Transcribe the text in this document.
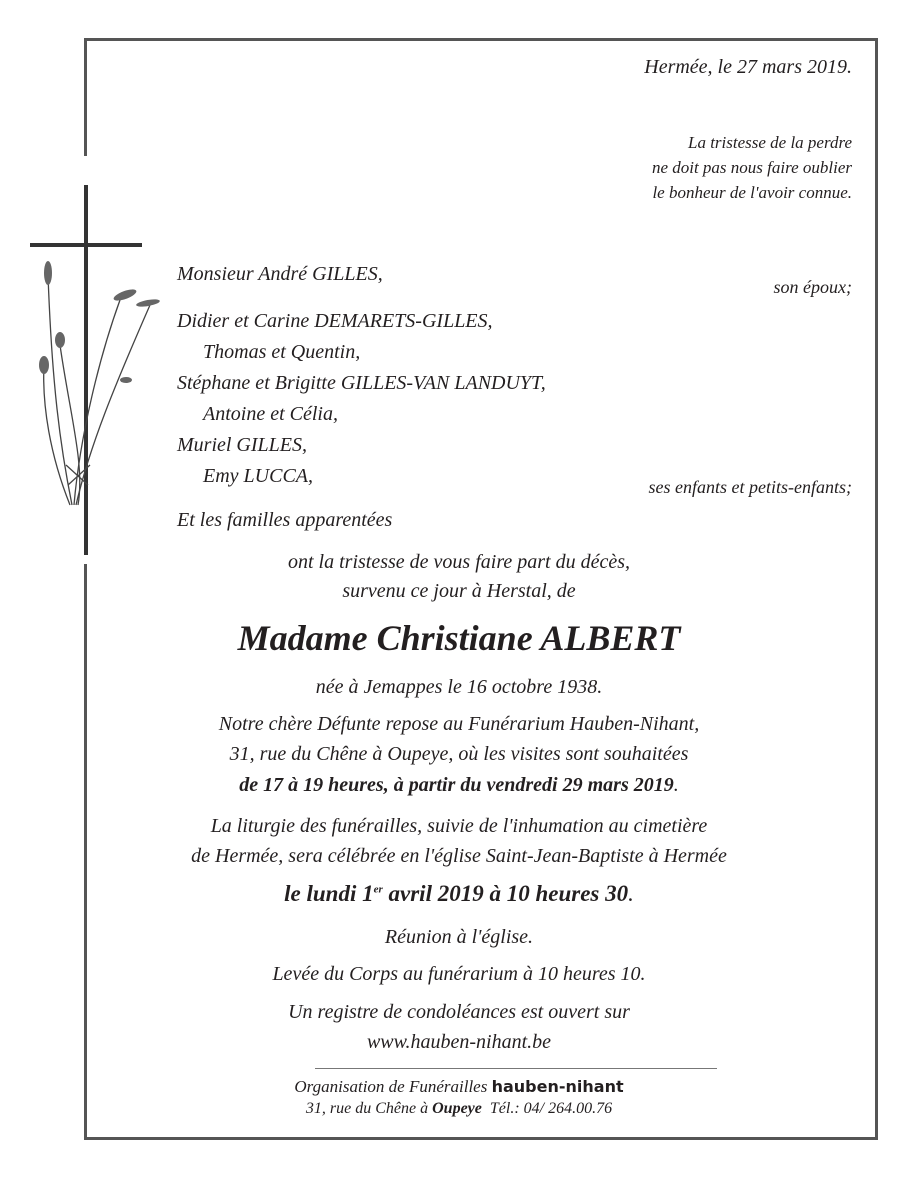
Hermée, le 27 mars 2019.
La tristesse de la perdre
ne doit pas nous faire oublier
le bonheur de l'avoir connue.
Monsieur André GILLES,
son époux;
Didier et Carine DEMARETS-GILLES,
Thomas et Quentin,
Stéphane et Brigitte GILLES-VAN LANDUYT,
Antoine et Célia,
Muriel GILLES,
Emy LUCCA,	ses enfants et petits-enfants;
Et les familles apparentées
ont la tristesse de vous faire part du décès,
survenu ce jour à Herstal, de
Madame Christiane ALBERT
née à Jemappes le 16 octobre 1938.
Notre chère Défunte repose au Funérarium Hauben-Nihant,
31, rue du Chêne à Oupeye, où les visites sont souhaitées
de 17 à 19 heures, à partir du vendredi 29 mars 2019.
La liturgie des funérailles, suivie de l'inhumation au cimetière
de Hermée, sera célébrée en l'église Saint-Jean-Baptiste à Hermée
le lundi 1er avril 2019 à 10 heures 30.
Réunion à l'église.
Levée du Corps au funérarium à 10 heures 10.
Un registre de condoléances est ouvert sur
www.hauben-nihant.be
Organisation de Funérailles hauben-nihant
31, rue du Chêne à Oupeye Tél.: 04/ 264.00.76
